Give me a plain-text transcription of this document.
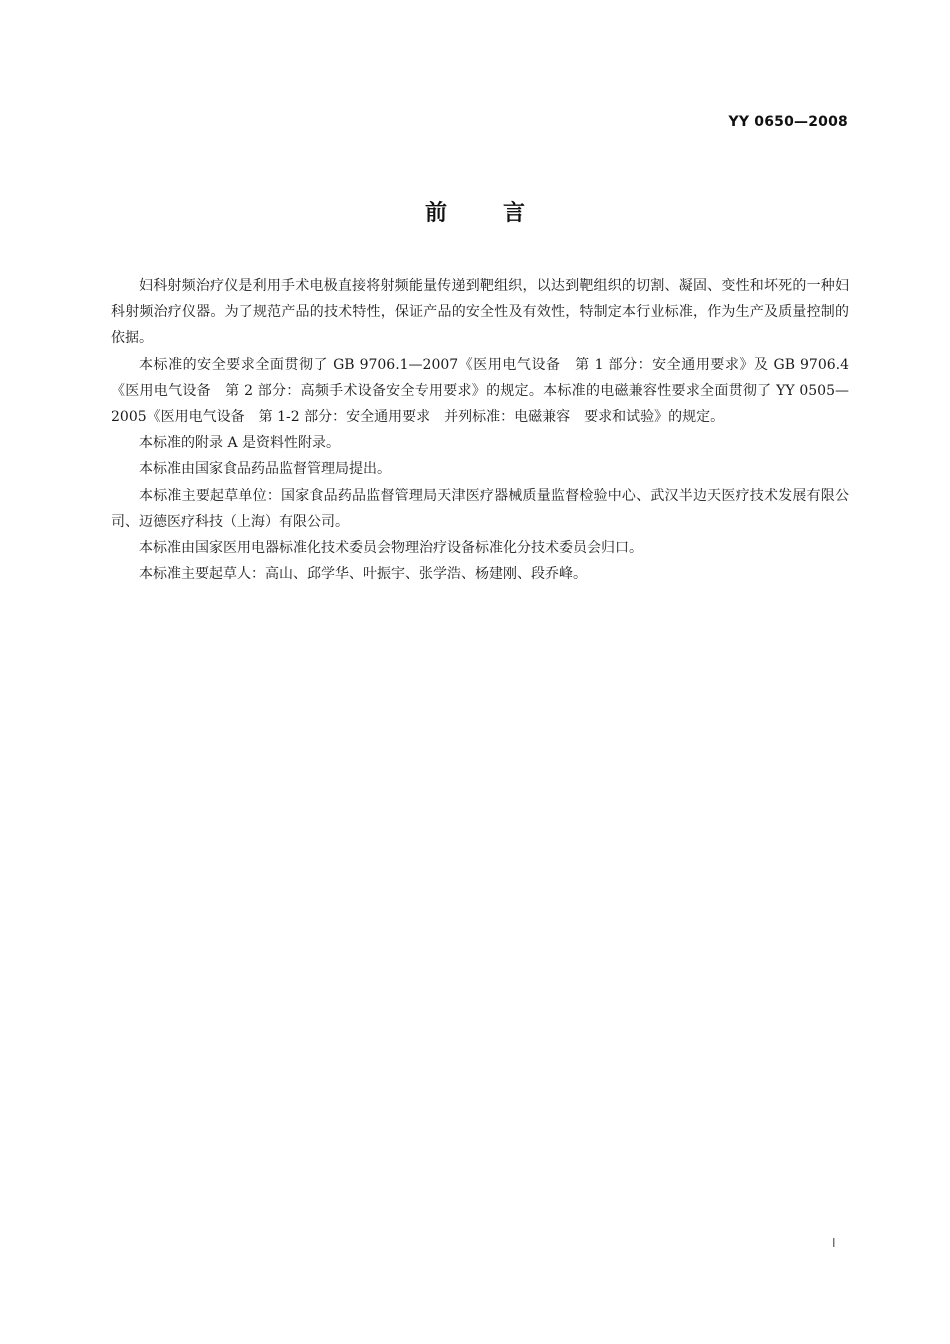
YY 0650—2008
前言

妇科射频治疗仪是利用手术电极直接将射频能量传递到靶组织，以达到靶组织的切割、凝固、变性和坏死的一种妇科射频治疗仪器。为了规范产品的技术特性，保证产品的安全性及有效性，特制定本行业标准，作为生产及质量控制的依据。

本标准的安全要求全面贯彻了 GB 9706.1—2007《医用电气设备　第 1 部分：安全通用要求》及 GB 9706.4《医用电气设备　第 2 部分：高频手术设备安全专用要求》的规定。本标准的电磁兼容性要求全面贯彻了 YY 0505—2005《医用电气设备　第 1-2 部分：安全通用要求　并列标准：电磁兼容　要求和试验》的规定。

本标准的附录 A 是资料性附录。

本标准由国家食品药品监督管理局提出。

本标准主要起草单位：国家食品药品监督管理局天津医疗器械质量监督检验中心、武汉半边天医疗技术发展有限公司、迈德医疗科技（上海）有限公司。

本标准由国家医用电器标准化技术委员会物理治疗设备标准化分技术委员会归口。

本标准主要起草人：高山、邱学华、叶振宇、张学浩、杨建刚、段乔峰。

I
